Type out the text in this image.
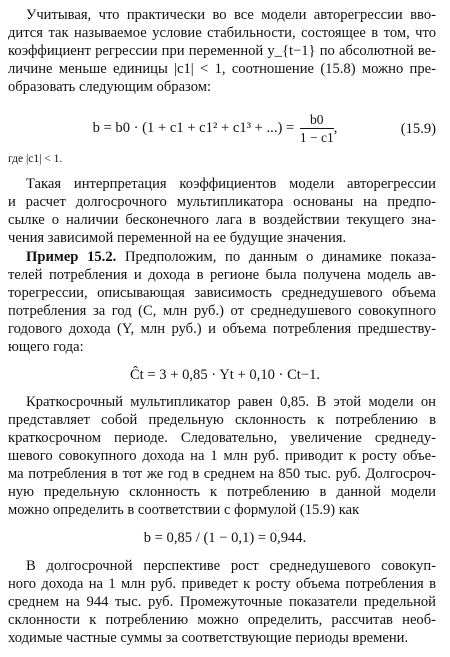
Учитывая, что практически во все модели авторегрессии вво-
дится так называемое условие стабильности, состоящее в том, что
коэффициент регрессии при переменной y_{t−1} по абсолютной ве-
личине меньше единицы |c1| < 1, соотношение (15.8) можно пре-
образовать следующим образом:
b = b0 · (1 + c1 + c1² + c1³ + ...) = $\frac{b0}{1 - c1}$ ,	(15.9)
где |c1| < 1.
Такая интерпретация коэффициентов модели авторегрессии
и расчет долгосрочного мультипликатора основаны на предпо-
сылке о наличии бесконечного лага в воздействии текущего зна-
чения зависимой переменной на ее будущие значения.
Пример 15.2. Предположим, по данным о динамике показа-
телей потребления и дохода в регионе была получена модель ав-
торегрессии, описывающая зависимость среднедушевого объема
потребления за год (C, млн руб.) от среднедушевого совокупного
годового дохода (Y, млн руб.) и объема потребления предшеству-
ющего года:
Ĉt = 3 + 0,85 · Yt + 0,10 · Ct−1.
Краткосрочный мультипликатор равен 0,85. В этой модели он
представляет собой предельную склонность к потреблению в
краткосрочном периоде. Следовательно, увеличение среднеду-
шевого совокупного дохода на 1 млн руб. приводит к росту объе-
ма потребления в тот же год в среднем на 850 тыс. руб. Долгосроч-
ную предельную склонность к потреблению в данной модели
можно определить в соответствии с формулой (15.9) как
b = 0,85 / (1 − 0,1) = 0,944.
В долгосрочной перспективе рост среднедушевого совокуп-
ного дохода на 1 млн руб. приведет к росту объема потребления в
среднем на 944 тыс. руб. Промежуточные показатели предельной
склонности к потреблению можно определить, рассчитав необ-
ходимые частные суммы за соответствующие периоды времени.
